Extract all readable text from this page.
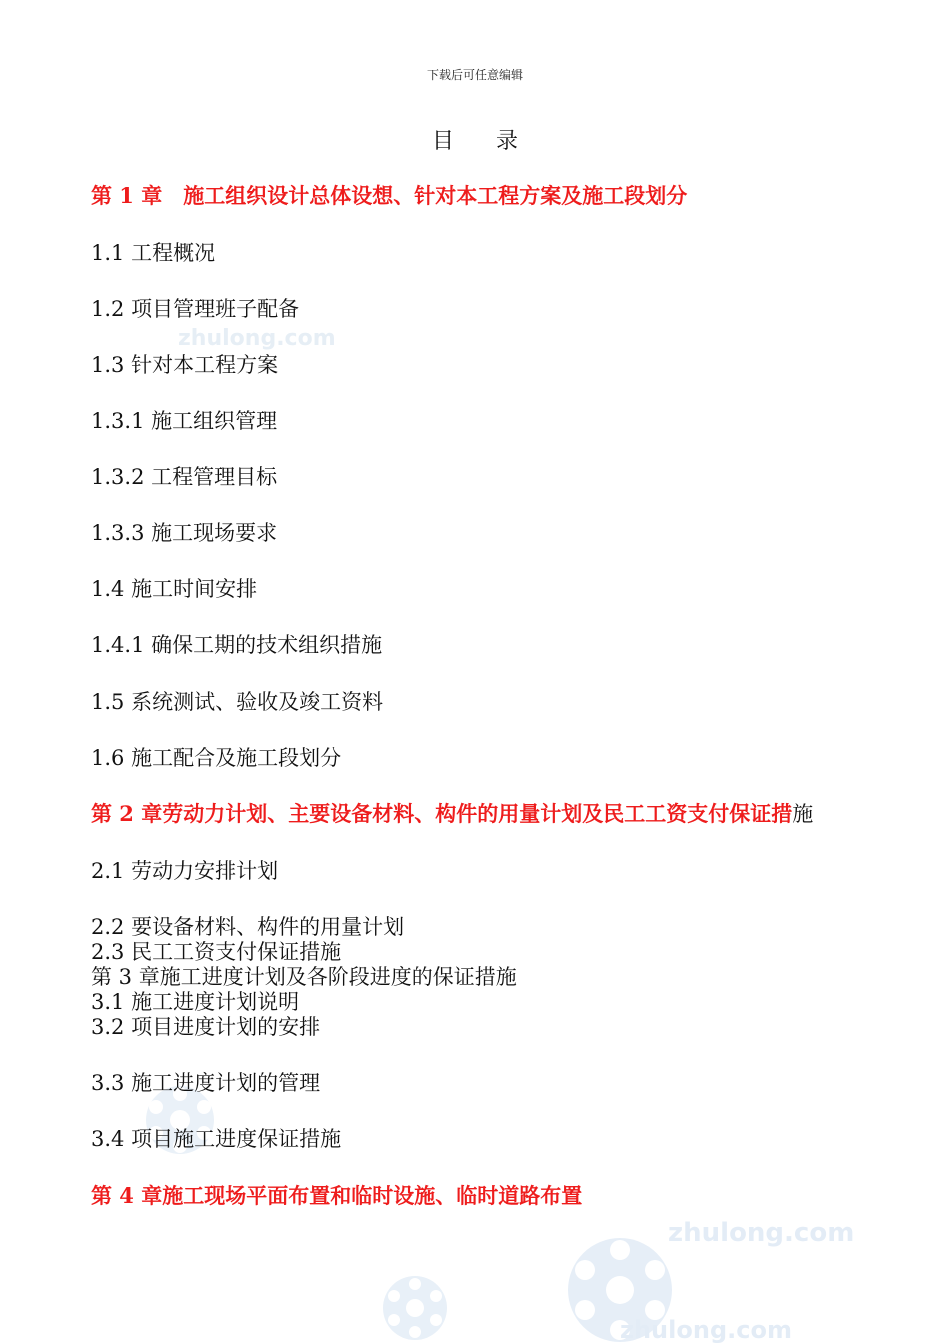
zhulong.com
zhulong.com
zhulong.com
下载后可任意编辑
目 录
第 1 章　施工组织设计总体设想、针对本工程方案及施工段划分
1.1 工程概况
1.2 项目管理班子配备
1.3 针对本工程方案
1.3.1 施工组织管理
1.3.2 工程管理目标
1.3.3 施工现场要求
1.4 施工时间安排
1.4.1 确保工期的技术组织措施
1.5 系统测试、验收及竣工资料
1.6 施工配合及施工段划分
第 2 章劳动力计划、主要设备材料、构件的用量计划及民工工资支付保证措施
2.1 劳动力安排计划
2.2 要设备材料、构件的用量计划
2.3 民工工资支付保证措施
第 3 章施工进度计划及各阶段进度的保证措施
3.1 施工进度计划说明
3.2 项目进度计划的安排
3.3 施工进度计划的管理
3.4 项目施工进度保证措施
第 4 章施工现场平面布置和临时设施、临时道路布置
